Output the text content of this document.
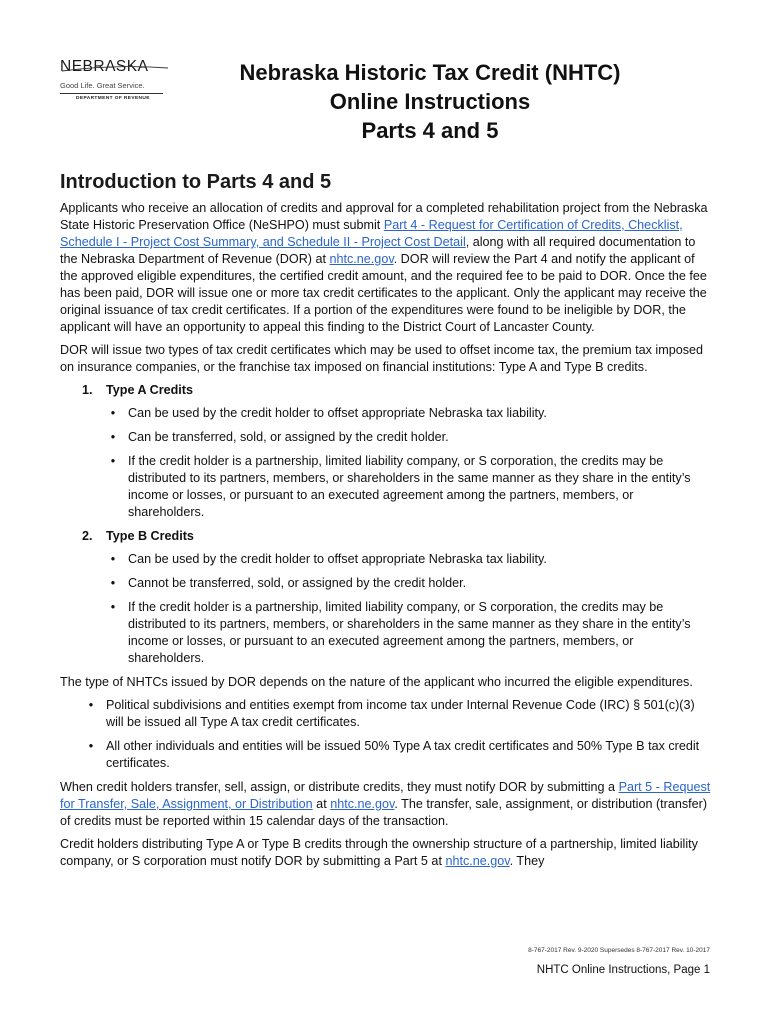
NEBRASKA
Good Life. Great Service.
DEPARTMENT OF REVENUE
Nebraska Historic Tax Credit (NHTC)
Online Instructions
Parts 4 and 5
Introduction to Parts 4 and 5

Applicants who receive an allocation of credits and approval for a completed rehabilitation project from the Nebraska State Historic Preservation Office (NeSHPO) must submit Part 4 - Request for Certification of Credits, Checklist, Schedule I - Project Cost Summary, and Schedule II - Project Cost Detail, along with all required documentation to the Nebraska Department of Revenue (DOR) at nhtc.ne.gov. DOR will review the Part 4 and notify the applicant of the approved eligible expenditures, the certified credit amount, and the required fee to be paid to DOR. Once the fee has been paid, DOR will issue one or more tax credit certificates to the applicant. Only the applicant may receive the original issuance of tax credit certificates. If a portion of the expenditures were found to be ineligible by DOR, the applicant will have an opportunity to appeal this finding to the District Court of Lancaster County.

DOR will issue two types of tax credit certificates which may be used to offset income tax, the premium tax imposed on insurance companies, or the franchise tax imposed on financial institutions: Type A and Type B credits.

1.	Type A Credits
•	Can be used by the credit holder to offset appropriate Nebraska tax liability.
•	Can be transferred, sold, or assigned by the credit holder.
•	If the credit holder is a partnership, limited liability company, or S corporation, the credits may be distributed to its partners, members, or shareholders in the same manner as they share in the entity’s income or losses, or pursuant to an executed agreement among the partners, members, or shareholders.
2.	Type B Credits
•	Can be used by the credit holder to offset appropriate Nebraska tax liability.
•	Cannot be transferred, sold, or assigned by the credit holder.
•	If the credit holder is a partnership, limited liability company, or S corporation, the credits may be distributed to its partners, members, or shareholders in the same manner as they share in the entity’s income or losses, or pursuant to an executed agreement among the partners, members, or shareholders.

The type of NHTCs issued by DOR depends on the nature of the applicant who incurred the eligible expenditures.

•	Political subdivisions and entities exempt from income tax under Internal Revenue Code (IRC) § 501(c)(3) will be issued all Type A tax credit certificates.
•	All other individuals and entities will be issued 50% Type A tax credit certificates and 50% Type B tax credit certificates.

When credit holders transfer, sell, assign, or distribute credits, they must notify DOR by submitting a Part 5 - Request for Transfer, Sale, Assignment, or Distribution at nhtc.ne.gov. The transfer, sale, assignment, or distribution (transfer) of credits must be reported within 15 calendar days of the transaction.

Credit holders distributing Type A or Type B credits through the ownership structure of a partnership, limited liability company, or S corporation must notify DOR by submitting a Part 5 at nhtc.ne.gov. They

8-767-2017 Rev. 9-2020 Supersedes 8-767-2017 Rev. 10-2017
NHTC Online Instructions, Page 1
